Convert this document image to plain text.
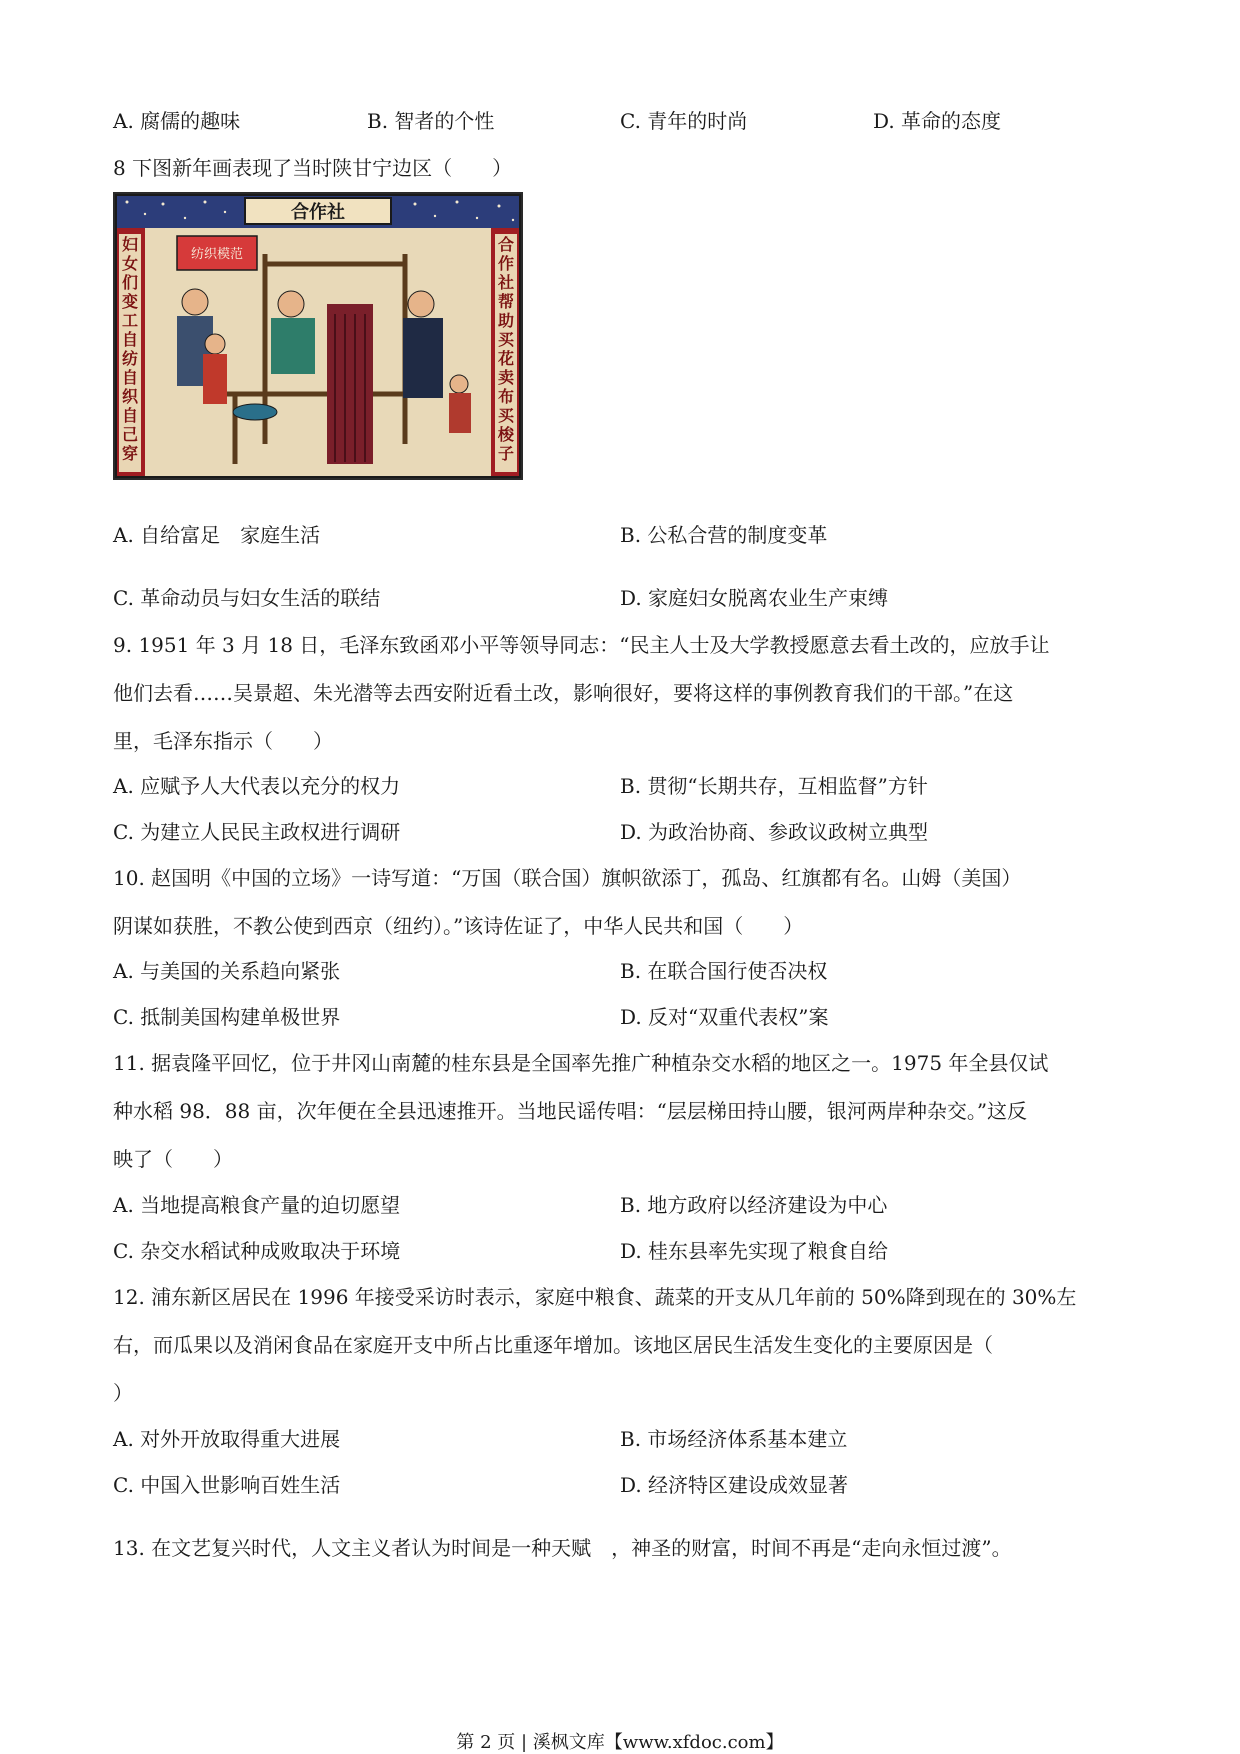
A. 腐儒的趣味	B. 智者的个性	C. 青年的时尚	D. 革命的态度
8 下图新年画表现了当时陕甘宁边区（　　）
合作社
纺织模范
妇女们变工自纺自织自己穿
合作社帮助买花卖布买梭子
A. 自给富足　家庭生活	B. 公私合营的制度变革
C. 革命动员与妇女生活的联结	D. 家庭妇女脱离农业生产束缚
9. 1951 年 3 月 18 日，毛泽东致函邓小平等领导同志：“民主人士及大学教授愿意去看土改的，应放手让
他们去看……吴景超、朱光潜等去西安附近看土改，影响很好，要将这样的事例教育我们的干部。”在这
里，毛泽东指示（　　）
A. 应赋予人大代表以充分的权力	B. 贯彻“长期共存，互相监督”方针
C. 为建立人民民主政权进行调研	D. 为政治协商、参政议政树立典型
10. 赵国明《中国的立场》一诗写道：“万国（联合国）旗帜欲添丁，孤岛、红旗都有名。山姆（美国）
阴谋如获胜，不教公使到西京（纽约）。”该诗佐证了，中华人民共和国（　　）
A. 与美国的关系趋向紧张	B. 在联合国行使否决权
C. 抵制美国构建单极世界	D. 反对“双重代表权”案
11. 据袁隆平回忆，位于井冈山南麓的桂东县是全国率先推广种植杂交水稻的地区之一。1975 年全县仅试
种水稻 98．88 亩，次年便在全县迅速推开。当地民谣传唱：“层层梯田持山腰，银河两岸种杂交。”这反
映了（　　）
A. 当地提高粮食产量的迫切愿望	B. 地方政府以经济建设为中心
C. 杂交水稻试种成败取决于环境	D. 桂东县率先实现了粮食自给
12. 浦东新区居民在 1996 年接受采访时表示，家庭中粮食、蔬菜的开支从几年前的 50%降到现在的 30%左
右，而瓜果以及消闲食品在家庭开支中所占比重逐年增加。该地区居民生活发生变化的主要原因是（
）
A. 对外开放取得重大进展	B. 市场经济体系基本建立
C. 中国入世影响百姓生活	D. 经济特区建设成效显著
13. 在文艺复兴时代，人文主义者认为时间是一种天赋　，神圣的财富，时间不再是“走向永恒过渡”。
第 2 页 | 溪枫文库【www.xfdoc.com】
